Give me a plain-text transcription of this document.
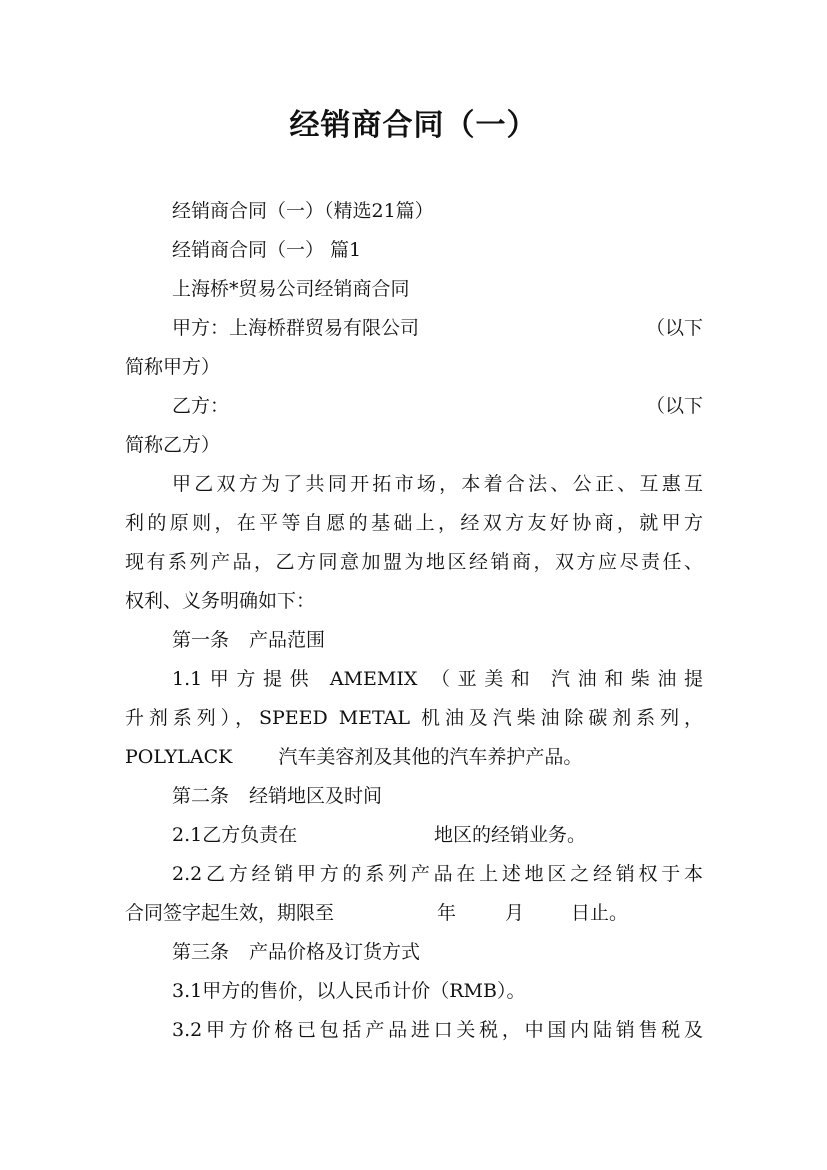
经销商合同（一）
经销商合同（一）（精选21篇）
经销商合同（一） 篇1
上海桥*贸易公司经销商合同
甲方：上海桥群贸易有限公司	（以下
简称甲方）
乙方：	（以下
简称乙方）
甲乙双方为了共同开拓市场，本着合法、公正、互惠互
利的原则，在平等自愿的基础上，经双方友好协商，就甲方
现有系列产品，乙方同意加盟为地区经销商，双方应尽责任、
权利、义务明确如下：
第一条 产品范围
1.1甲方提供 AMEMIX （亚美和 汽油和柴油提
升剂系列），SPEED METAL 机油及汽柴油除碳剂系列，
POLYLACK 汽车美容剂及其他的汽车养护产品。
第二条 经销地区及时间
2.1乙方负责在	地区的经销业务。
2.2乙方经销甲方的系列产品在上述地区之经销权于本
合同签字起生效，期限至	年	月 日止。
第三条 产品价格及订货方式
3.1甲方的售价，以人民币计价（RMB）。
3.2甲方价格已包括产品进口关税，中国内陆销售税及
